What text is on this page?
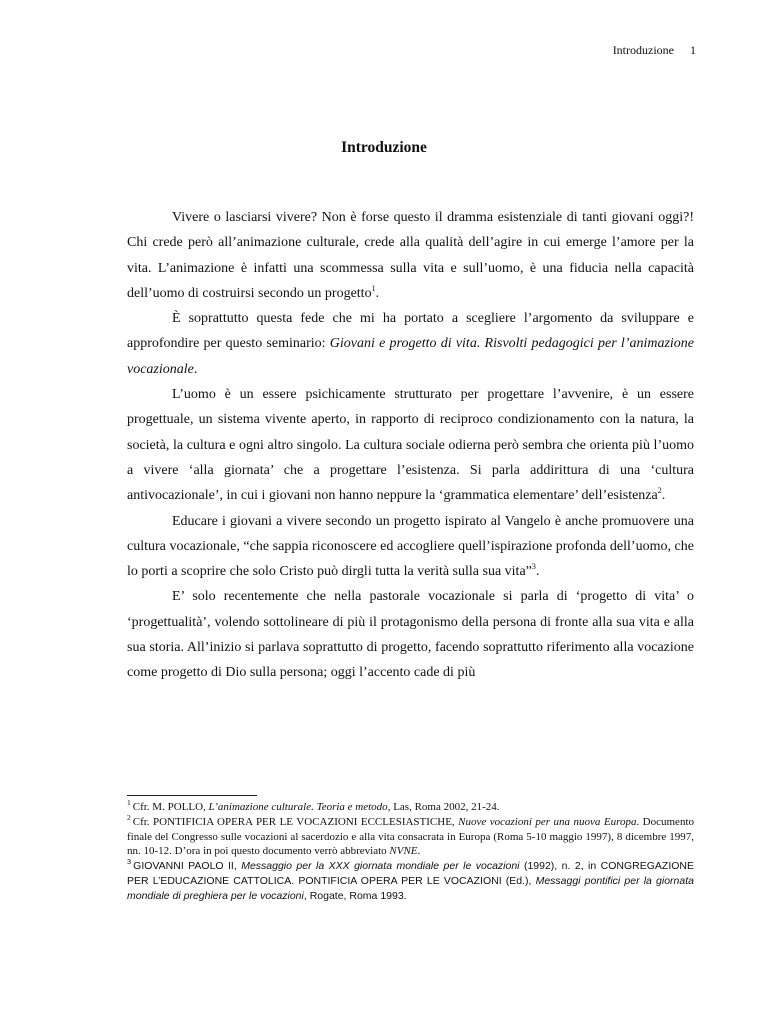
Introduzione 1
Introduzione

Vivere o lasciarsi vivere? Non è forse questo il dramma esistenziale di tanti giovani oggi?! Chi crede però all’animazione culturale, crede alla qualità dell’agire in cui emerge l’amore per la vita. L’animazione è infatti una scommessa sulla vita e sull’uomo, è una fiducia nella capacità dell’uomo di costruirsi secondo un progetto$^1$.

È soprattutto questa fede che mi ha portato a scegliere l’argomento da sviluppare e approfondire per questo seminario: Giovani e progetto di vita. Risvolti pedagogici per l’animazione vocazionale.

L’uomo è un essere psichicamente strutturato per progettare l’avvenire, è un essere progettuale, un sistema vivente aperto, in rapporto di reciproco condizionamento con la natura, la società, la cultura e ogni altro singolo. La cultura sociale odierna però sembra che orienta più l’uomo a vivere ‘alla giornata’ che a progettare l’esistenza. Si parla addirittura di una ‘cultura antivocazionale’, in cui i giovani non hanno neppure la ‘grammatica elementare’ dell’esistenza$^2$.

Educare i giovani a vivere secondo un progetto ispirato al Vangelo è anche promuovere una cultura vocazionale, “che sappia riconoscere ed accogliere quell’ispirazione profonda dell’uomo, che lo porti a scoprire che solo Cristo può dirgli tutta la verità sulla sua vita”$^3$.

E’ solo recentemente che nella pastorale vocazionale si parla di ‘progetto di vita’ o ‘progettualità’, volendo sottolineare di più il protagonismo della persona di fronte alla sua vita e alla sua storia. All’inizio si parlava soprattutto di progetto, facendo soprattutto riferimento alla vocazione come progetto di Dio sulla persona; oggi l’accento cade di più

$^1$ Cfr. M. POLLO, L’animazione culturale. Teoria e metodo, Las, Roma 2002, 21-24.

$^2$ Cfr. PONTIFICIA OPERA PER LE VOCAZIONI ECCLESIASTICHE, Nuove vocazioni per una nuova Europa. Documento finale del Congresso sulle vocazioni al sacerdozio e alla vita consacrata in Europa (Roma 5-10 maggio 1997), 8 dicembre 1997, nn. 10-12. D’ora in poi questo documento verrò abbreviato NVNE.

$^3$ GIOVANNI PAOLO II, Messaggio per la XXX giornata mondiale per le vocazioni (1992), n. 2, in CONGREGAZIONE PER L’EDUCAZIONE CATTOLICA. PONTIFICIA OPERA PER LE VOCAZIONI (Ed.), Messaggi pontifici per la giornata mondiale di preghiera per le vocazioni, Rogate, Roma 1993.
